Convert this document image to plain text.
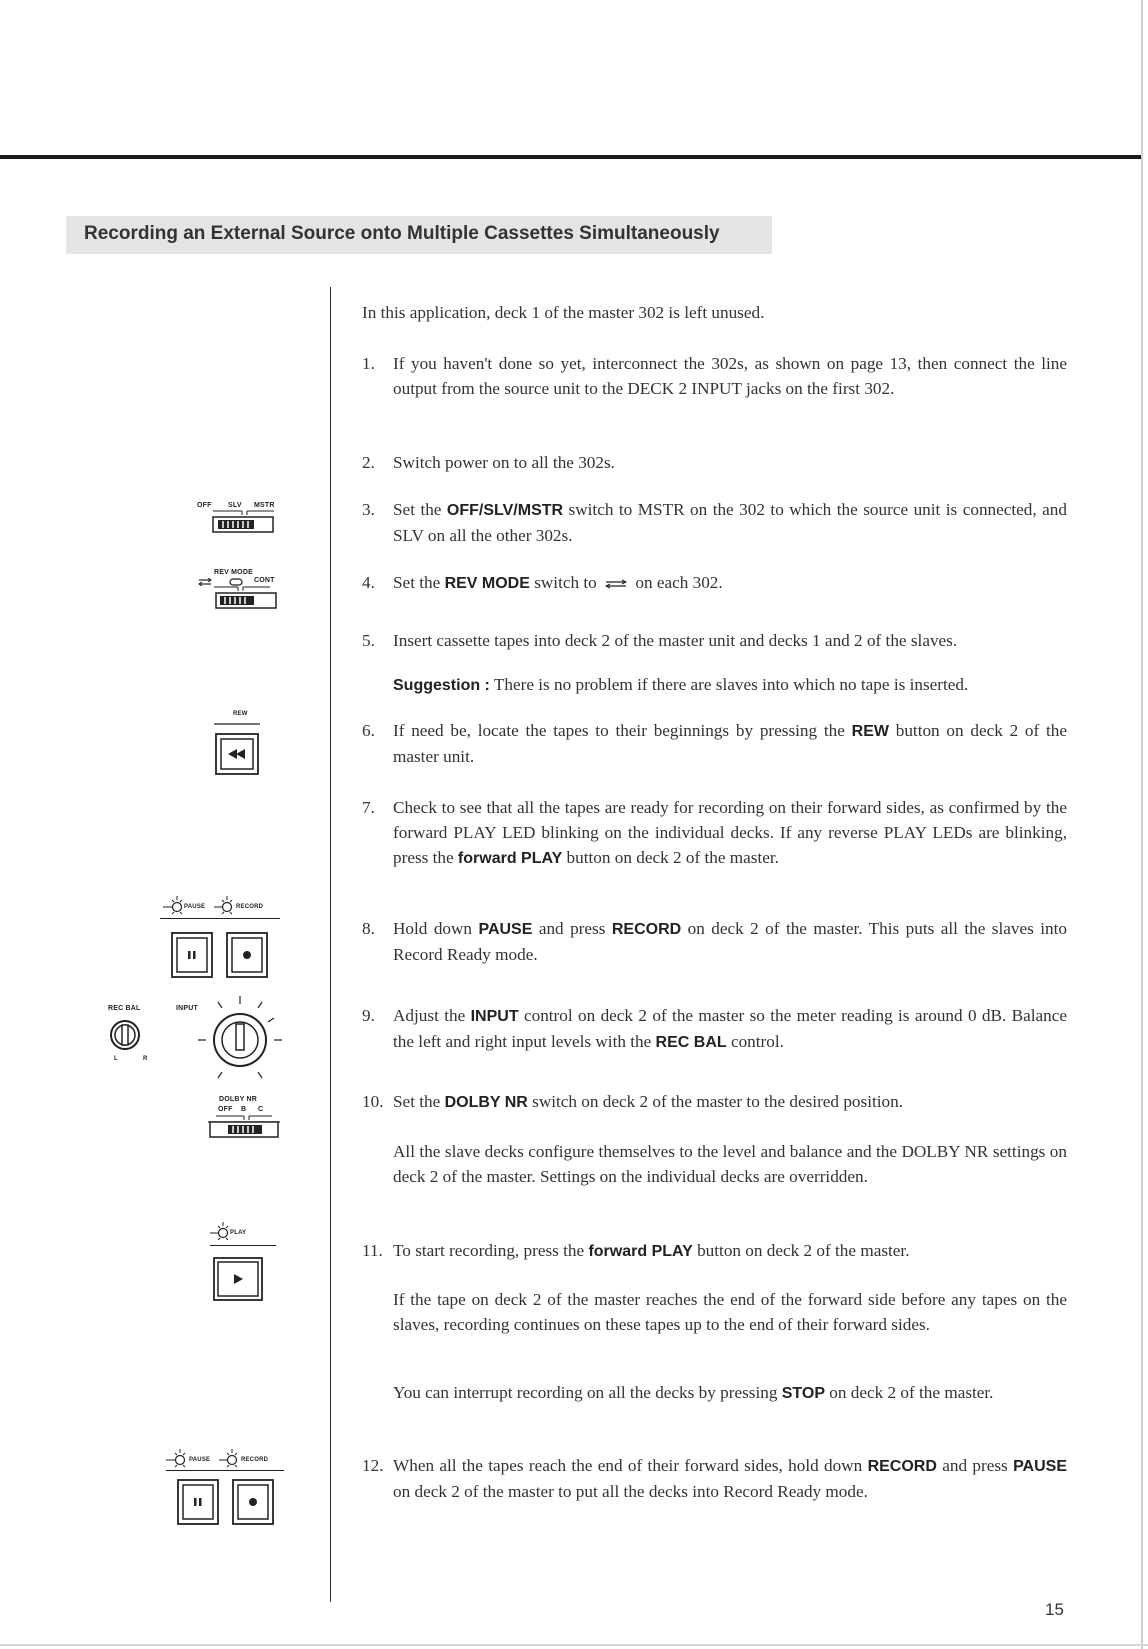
Recording an External Source onto Multiple Cassettes Simultaneously
OFF SLV MSTR
REV MODE
CONT
REW
PAUSE	RECORD
REC BAL
L	R
INPUT
DOLBY NR
OFF B C
PLAY
PAUSE	RECORD

In this application, deck 1 of the master 302 is left unused.

1. If you haven't done so yet, interconnect the 302s, as shown on page 13, then connect the line output from the source unit to the DECK 2 INPUT jacks on the first 302.
2. Switch power on to all the 302s.
3. Set the OFF/SLV/MSTR switch to MSTR on the 302 to which the source unit is connected, and SLV on all the other 302s.
4. Set the REV MODE switch to  on each 302.
5. Insert cassette tapes into deck 2 of the master unit and decks 1 and 2 of the slaves.
Suggestion : There is no problem if there are slaves into which no tape is inserted.
6. If need be, locate the tapes to their beginnings by pressing the REW button on deck 2 of the master unit.
7. Check to see that all the tapes are ready for recording on their forward sides, as confirmed by the forward PLAY LED blinking on the individual decks. If any reverse PLAY LEDs are blinking, press the forward PLAY button on deck 2 of the master.
8. Hold down PAUSE and press RECORD on deck 2 of the master. This puts all the slaves into Record Ready mode.
9. Adjust the INPUT control on deck 2 of the master so the meter reading is around 0 dB. Balance the left and right input levels with the REC BAL control.
10. Set the DOLBY NR switch on deck 2 of the master to the desired position.
All the slave decks configure themselves to the level and balance and the DOLBY NR settings on deck 2 of the master. Settings on the individual decks are overridden.
11. To start recording, press the forward PLAY button on deck 2 of the master.
If the tape on deck 2 of the master reaches the end of the forward side before any tapes on the slaves, recording continues on these tapes up to the end of their forward sides.
You can interrupt recording on all the decks by pressing STOP on deck 2 of the master.
12. When all the tapes reach the end of their forward sides, hold down RECORD and press PAUSE on deck 2 of the master to put all the decks into Record Ready mode.
15
